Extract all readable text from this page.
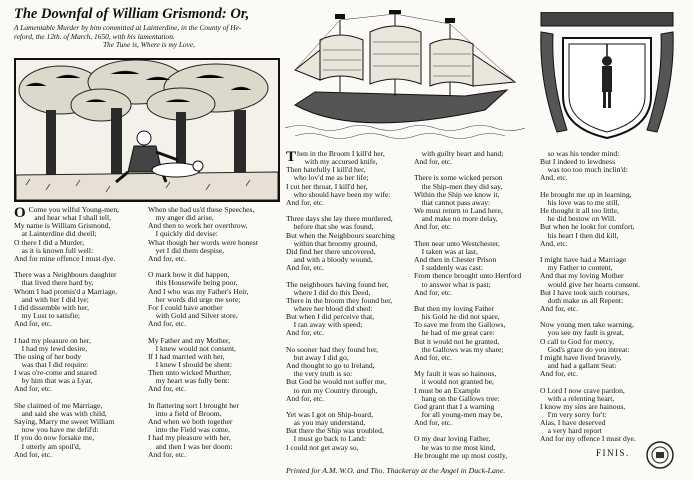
The Downfal of William Grismond: Or,
A Lamentable Murder by him committed at Lainterdine, in the County of He-
reford, the 12th. of March, 1650, with his lamentation.
The Tune is, Where is my Love,
O Come you wilful Young-men,
and hear what I shall tell,
My name is William Grismond,
at Lainterdine did dwell;
O there I did a Murder,
as it is known full well:
And for mine offence I must dye.

There was a Neighbours daughter
that lived there hard by,
Whom I had promis'd a Marriage,
and with her I did lye;
I did dissemble with her,
my Lust to satisfie;
And for, etc.

I had my pleasure on her,
I had my lewd desire,
The using of her body
was that I did require:
I was o're-come and snared
by him that was a Lyar,
And for, etc.

She claimed of me Marriage,
and said she was with child,
Saying, Marry me sweet William
now you have me defil'd:
If you do now forsake me,
I utterly am spoil'd,
And for, etc.
When she had us'd these Speeches,
my anger did arise,
And then to work her overthrow,
I quickly did devise:
What though her words were honest
yet I did them despise,
And for, etc.

O mark how it did happen,
this Housewife being poor,
And I who was my Father's Heir,
her words did urge me sore;
For I could have another
with Gold and Silver store,
And for, etc.

My Father and my Mother,
I knew would not consent,
If I had married with her,
I knew I should be shent:
Then unto wicked Murther,
my heart was fully bent:
And for, etc.

In flattering sort I brought her
into a field of Broom,
And when we both together
into the Field was come,
I had my pleasure with her,
and then I was her doom:
And for, etc.
Then in the Broom I kill'd her,
with my accursed knife,
Then hatefully I kill'd her,
who lov'd me as her life;
I cut her throat, I kill'd her,
who should have been my wife:
And for, etc.

Three days she lay there murdered,
before that she was found,
But when the Neighbours searching
within that broomy ground,
Did find her there uncovered,
and with a bloody wound,
And for, etc.

The neighbours having found her,
where I did do this Deed,
There in the broom they found her,
where her blood did shed:
But when I did perceive that,
I ran away with speed;
And for, etc.

No sooner had they found her,
but away I did go,
And thought to go to Ireland,
the very truth is so:
But God he would not suffer me,
to run my Country through,
And for, etc.

Yet was I got on Ship-board,
as you may understand,
But there the Ship was troubled,
I must go back to Land:
I could not get away so,
with guilty heart and hand;
And for, etc.

There is some wicked person
the Ship-men they did say,
Within the Ship we know it,
that cannot pass away:
We must return to Land here,
and make no more delay,
And for, etc.

Then near unto Westchester,
I taken was at last,
And then in Chester Prison
I suddenly was cast:
From thence brought unto Hertford
to answer what is past;
And for, etc.

But then my loving Father
his Gold he did not spare,
To save me from the Gallows,
he had of me great care:
But it would not be granted,
the Gallows was my share;
And for, etc.

My fault it was so hainous,
it would not granted be,
I must be an Example
hang on the Gallows tree:
God grant that I a warning
for all young-men may be,
And for, etc.

O my dear loving Father,
he was to me most kind,
He brought me up most costly,
so was his tender mind:
But I indeed to lewdness
was too too much inclin'd:
And, etc.

He brought me up in learning,
his love was to me still,
He thought it all too little,
he did bestow on Will.
But when he lookt for comfort,
his heart I then did kill,
And, etc.

I might have had a Marriage
my Father to content,
And that my loving Mother
would give her hearts consent.
But I have took such courses,
doth make us all Repent:
And for, etc.

Now young men take warning,
you see my fault is great,
O call to God for mercy,
God's grace do you intreat:
I might have lived bravely,
and had a gallant Seat:
And for, etc.

O Lord I now crave pardon,
with a relenting heart,
I know my sins are hainous,
I'm very sorry for't:
Alas, I have deserved
a very hard report
And for my offence I must dye.
FINIS.
Printed for A.M. W.O. and Tho. Thackeray at the Angel in Duck-Lane.
